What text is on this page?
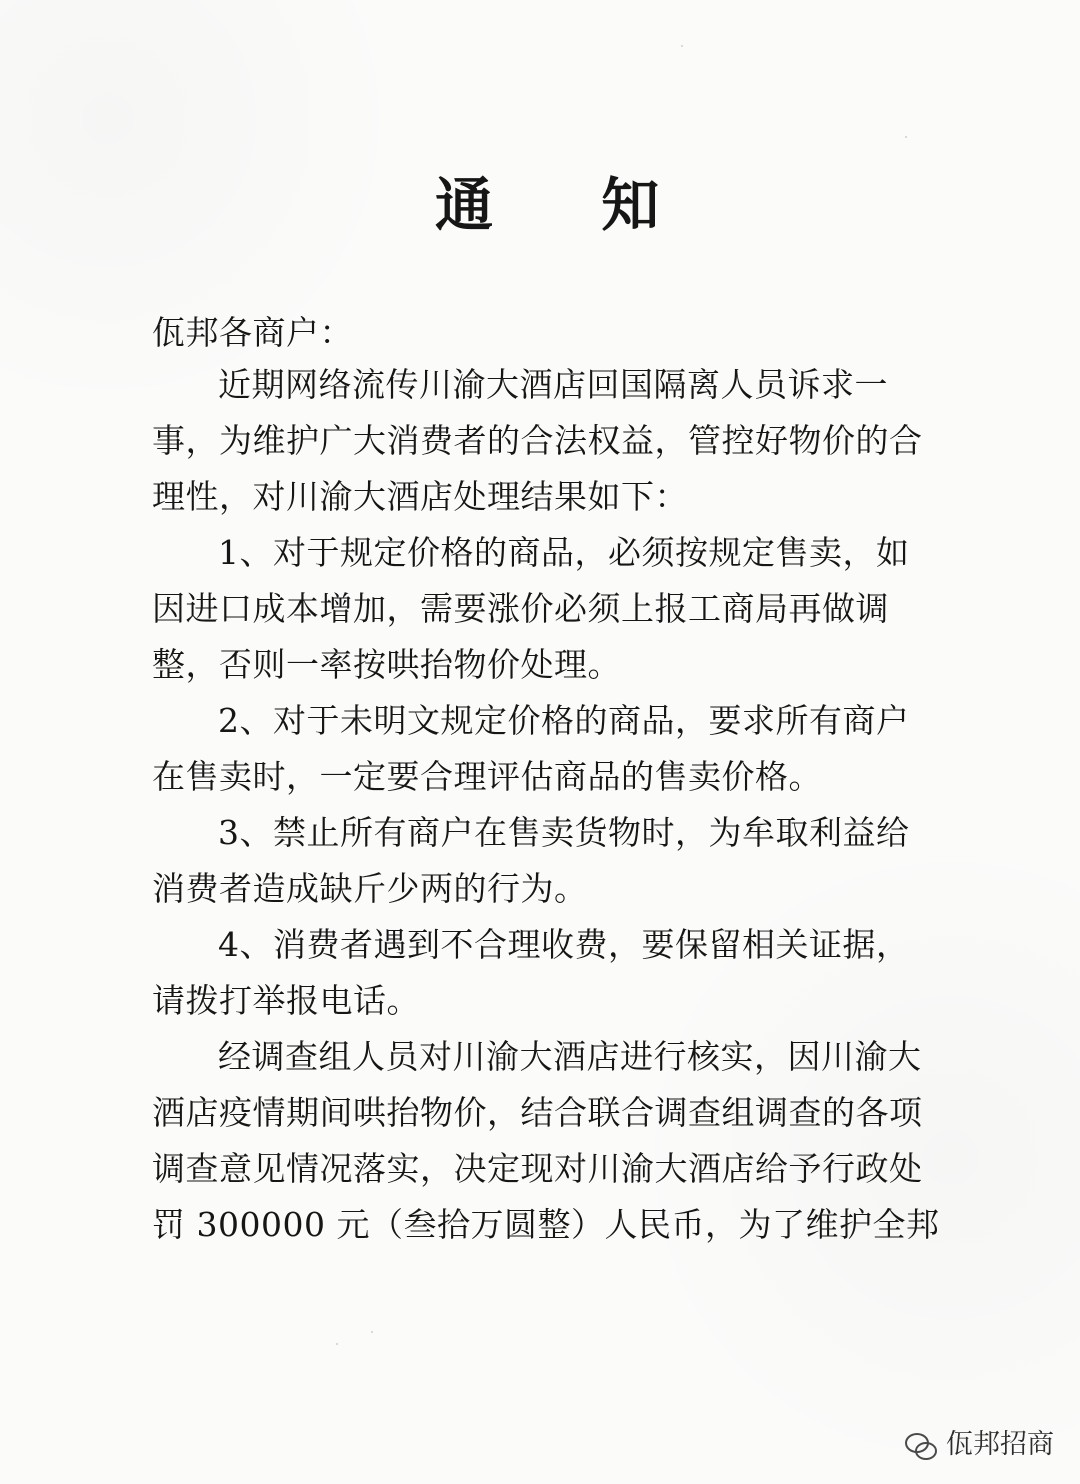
通 知
佤邦各商户：
近期网络流传川渝大酒店回国隔离人员诉求一
事，为维护广大消费者的合法权益，管控好物价的合
理性，对川渝大酒店处理结果如下：
1、对于规定价格的商品，必须按规定售卖，如
因进口成本增加，需要涨价必须上报工商局再做调
整，否则一率按哄抬物价处理。
2、对于未明文规定价格的商品，要求所有商户
在售卖时，一定要合理评估商品的售卖价格。
3、禁止所有商户在售卖货物时，为牟取利益给
消费者造成缺斤少两的行为。
4、消费者遇到不合理收费，要保留相关证据，
请拨打举报电话。
经调查组人员对川渝大酒店进行核实，因川渝大
酒店疫情期间哄抬物价，结合联合调查组调查的各项
调查意见情况落实，决定现对川渝大酒店给予行政处
罚 300000 元（叁拾万圆整）人民币，为了维护全邦
佤邦招商
